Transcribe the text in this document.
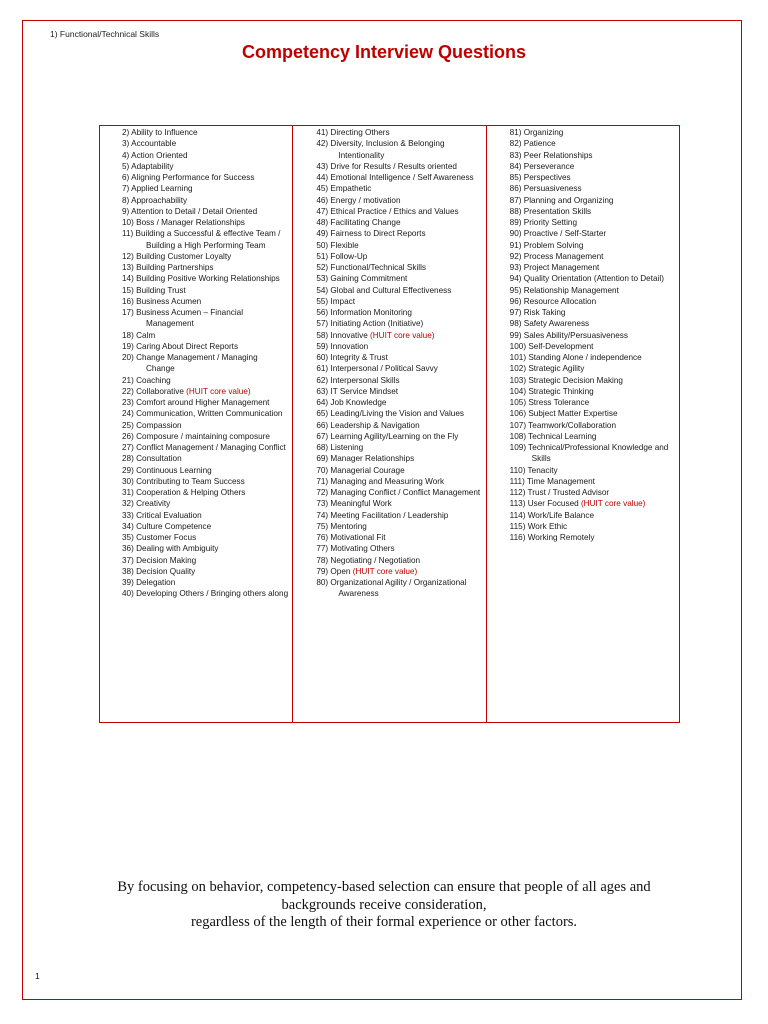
1) Functional/Technical Skills
Competency Interview Questions
2) Ability to Influence
3) Accountable
4) Action Oriented
5) Adaptability
6) Aligning Performance for Success
7) Applied Learning
8) Approachability
9) Attention to Detail / Detail Oriented
10) Boss / Manager Relationships
11) Building a Successful & effective Team / Building a High Performing Team
12) Building Customer Loyalty
13) Building Partnerships
14) Building Positive Working Relationships
15) Building Trust
16) Business Acumen
17) Business Acumen – Financial Management
18) Calm
19) Caring About Direct Reports
20) Change Management / Managing Change
21) Coaching
22) Collaborative (HUIT core value)
23) Comfort around Higher Management
24) Communication, Written Communication
25) Compassion
26) Composure / maintaining composure
27) Conflict Management / Managing Conflict
28) Consultation
29) Continuous Learning
30) Contributing to Team Success
31) Cooperation & Helping Others
32) Creativity
33) Critical Evaluation
34) Culture Competence
35) Customer Focus
36) Dealing with Ambiguity
37) Decision Making
38) Decision Quality
39) Delegation
40) Developing Others / Bringing others along
41) Directing Others
42) Diversity, Inclusion & Belonging Intentionality
43) Drive for Results / Results oriented
44) Emotional Intelligence / Self Awareness
45) Empathetic
46) Energy / motivation
47) Ethical Practice / Ethics and Values
48) Facilitating Change
49) Fairness to Direct Reports
50) Flexible
51) Follow-Up
52) Functional/Technical Skills
53) Gaining Commitment
54) Global and Cultural Effectiveness
55) Impact
56) Information Monitoring
57) Initiating Action (Initiative)
58) Innovative (HUIT core value)
59) Innovation
60) Integrity & Trust
61) Interpersonal / Political Savvy
62) Interpersonal Skills
63) IT Service Mindset
64) Job Knowledge
65) Leading/Living the Vision and Values
66) Leadership & Navigation
67) Learning Agility/Learning on the Fly
68) Listening
69) Manager Relationships
70) Managerial Courage
71) Managing and Measuring Work
72) Managing Conflict / Conflict Management
73) Meaningful Work
74) Meeting Facilitation / Leadership
75) Mentoring
76) Motivational Fit
77) Motivating Others
78) Negotiating / Negotiation
79) Open (HUIT core value)
80) Organizational Agility / Organizational Awareness
81) Organizing
82) Patience
83) Peer Relationships
84) Perseverance
85) Perspectives
86) Persuasiveness
87) Planning and Organizing
88) Presentation Skills
89) Priority Setting
90) Proactive / Self-Starter
91) Problem Solving
92) Process Management
93) Project Management
94) Quality Orientation (Attention to Detail)
95) Relationship Management
96) Resource Allocation
97) Risk Taking
98) Safety Awareness
99) Sales Ability/Persuasiveness
100) Self-Development
101) Standing Alone / independence
102) Strategic Agility
103) Strategic Decision Making
104) Strategic Thinking
105) Stress Tolerance
106) Subject Matter Expertise
107) Teamwork/Collaboration
108) Technical Learning
109) Technical/Professional Knowledge and Skills
110) Tenacity
111) Time Management
112) Trust / Trusted Advisor
113) User Focused (HUIT core value)
114) Work/Life Balance
115) Work Ethic
116) Working Remotely
By focusing on behavior, competency-based selection can ensure that people of all ages and
backgrounds receive consideration,
regardless of the length of their formal experience or other factors.
1
